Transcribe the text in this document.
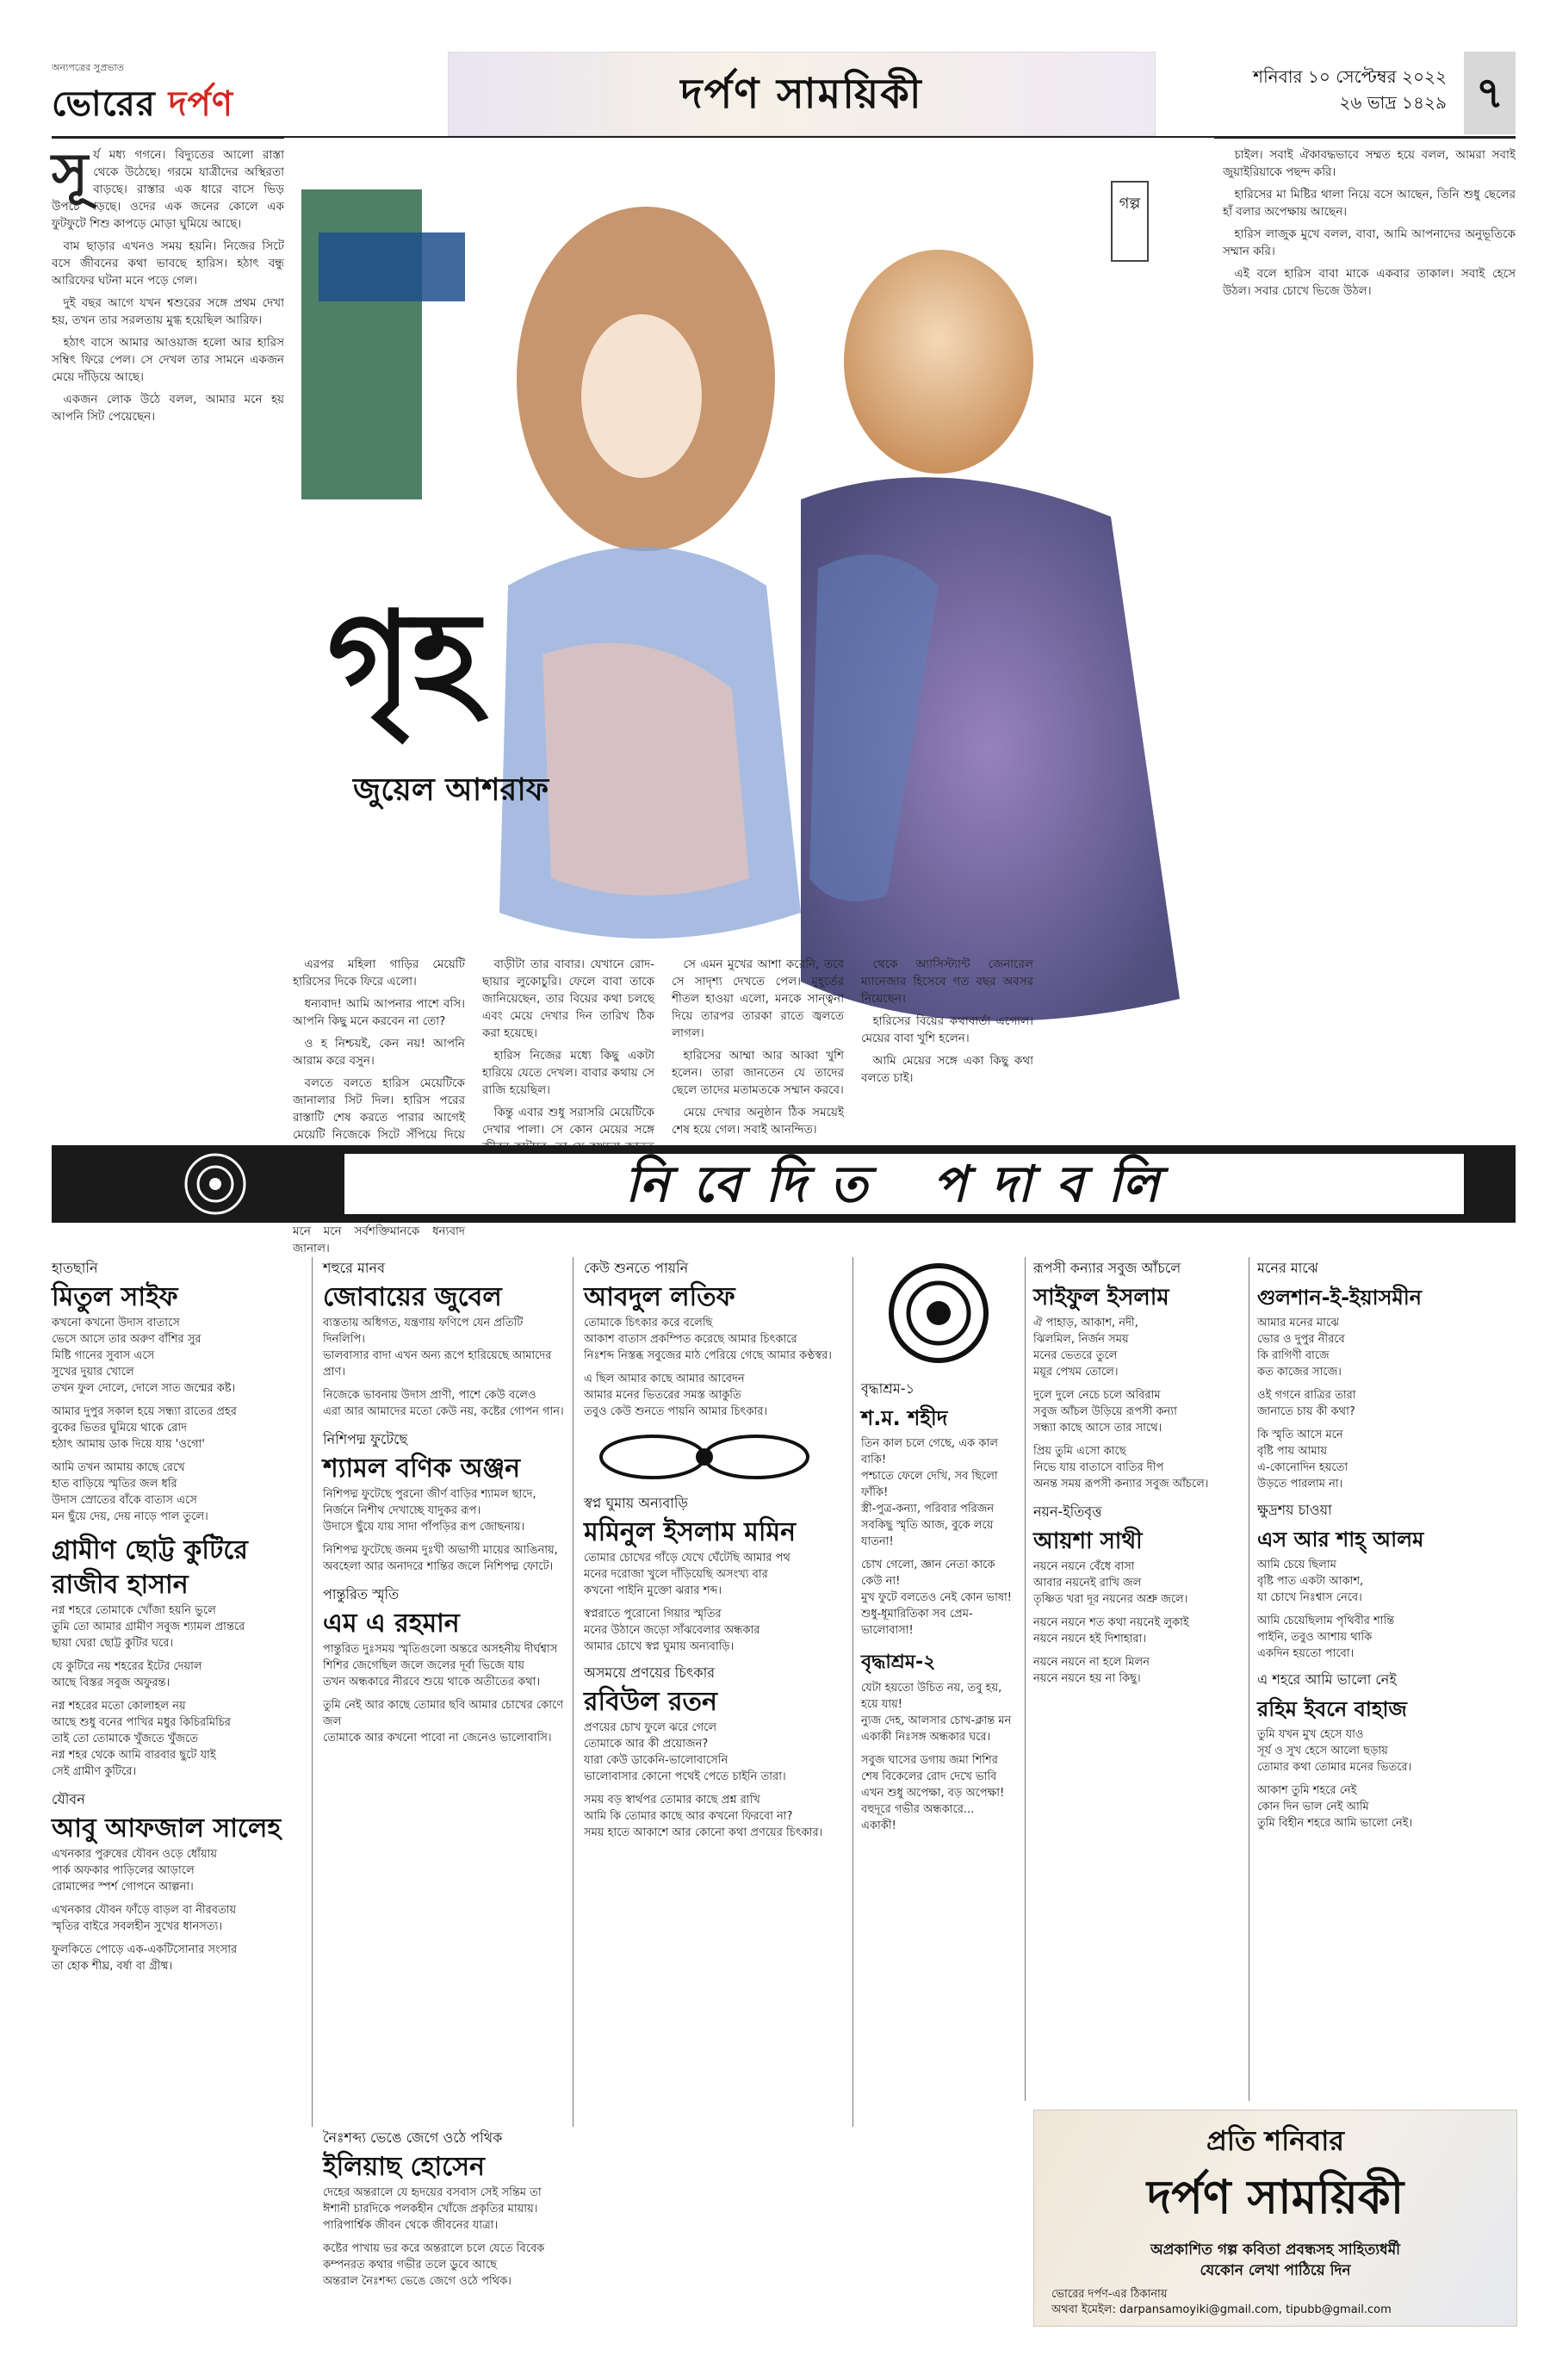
অন্যপত্রের সুপ্রভাত
ভোরের দর্পণ	দর্পণ সাময়িকী	শনিবার ১০ সেপ্টেম্বর ২০২২
২৬ ভাদ্র ১৪২৯ ৭
সূ র্য মধ্য গগনে। বিদ্যুতের আলো রাস্তা থেকে উঠেছে। গরমে যাত্রীদের অস্থিরতা বাড়ছে। রাস্তার এক ধারে বাসে ভিড় উপচে পড়ছে। ওদের এক জনের কোলে এক ফুটফুটে শিশু কাপড়ে মোড়া ঘুমিয়ে আছে।

বাম ছাড়ার এখনও সময় হয়নি। নিজের সিটে বসে জীবনের কথা ভাবছে হারিস। হঠাৎ বন্ধু আরিফের ঘটনা মনে পড়ে গেল।

দুই বছর আগে যখন শ্বশুরের সঙ্গে প্রথম দেখা হয়, তখন তার সরলতায় মুগ্ধ হয়েছিল আরিফ।

হঠাৎ বাসে আমার আওয়াজ হলো আর হারিস সম্বিৎ ফিরে পেল। সে দেখল তার সামনে একজন মেয়ে দাঁড়িয়ে আছে।

একজন লোক উঠে বলল, আমার মনে হয় আপনি সিট পেয়েছেন।

গৃহ
জুয়েল আশরাফ
গল্প

এরপর মহিলা গাড়ির মেয়েটি হারিসের দিকে ফিরে এলো।

ধন্যবাদ! আমি আপনার পাশে বসি। আপনি কিছু মনে করবেন না তো?

ও হ নিশ্চয়ই, কেন নয়! আপনি আরাম করে বসুন।

বলতে বলতে হারিস মেয়েটিকে জানালার সিট দিল। হারিস পরের রাস্তাটি শেষ করতে পারার আগেই মেয়েটি নিজেকে সিটে সঁপিয়ে দিয়ে

মনে মনে সর্বশক্তিমানকে ধন্যবাদ জানাল।

বাড়ীটা তার বাবার। যেখানে রোদ-ছায়ার লুকোচুরি। ফেলে বাবা তাকে জানিয়েছেন, তার বিয়ের কথা চলছে এবং মেয়ে দেখার দিন তারিখ ঠিক করা হয়েছে।

হারিস নিজের মধ্যে কিছু একটা হারিয়ে যেতে দেখল। বাবার কথায় সে রাজি হয়েছিল।

কিন্তু এবার শুধু সরাসরি মেয়েটিকে দেখার পালা। সে কোন মেয়ের সঙ্গে

সে এমন মুখের আশা করেনি, তবে সে সাদৃশ্য দেখতে পেল। মুহূর্তের শীতল হাওয়া এলো, মনকে সান্ত্বনা দিয়ে তারপর তারকা রাতে জ্বলতে লাগল।

হারিসের আম্মা আর আব্বা খুশি হলেন। তারা জানতেন যে তাদের ছেলে তাদের মতামতকে সম্মান করবে।

মেয়ে দেখার অনুষ্ঠান ঠিক সময়েই শেষ হয়ে গেল। সবাই আনন্দিত।

থেকে অ্যাসিস্ট্যান্ট জেনারেল ম্যানেজার হিসেবে গত বছর অবসর নিয়েছেন।

হারিসের বিয়ের কথাবার্তা এগোল। মেয়ের বাবা খুশি হলেন।

আমি মেয়ের সঙ্গে একা কিছু কথা বলতে চাই।

চাইল। সবাই ঐকাবদ্ধভাবে সম্মত হয়ে বলল, আমরা সবাই জুয়াইরিয়াকে পছন্দ করি।

হারিসের মা মিষ্টির থালা নিয়ে বসে আছেন, তিনি শুধু ছেলের হাঁ বলার অপেক্ষায় আছেন।

হারিস লাজুক মুখে বলল, বাবা, আমি আপনাদের অনুভূতিকে সম্মান করি।

এই বলে হারিস বাবা মাকে একবার তাকাল। সবাই হেসে উঠল। সবার চোখে ভিজে উঠল।

নিবেদিত পদাবলি
হাতছানি
মিতুল সাইফ

কখনো কখনো উদাস বাতাসে
ভেসে আসে তার অরুণ বাঁশির সুর
মিষ্টি গানের সুবাস এসে
সুখের দুয়ার খোলে
তখন ফুল দোলে, দোলে সাত জন্মের কষ্ট।

আমার দুপুর সকাল হয়ে সন্ধ্যা রাতের প্রহর
বুকের ভিতর ঘুমিয়ে থাকে রোদ
হঠাৎ আমায় ডাক দিয়ে যায় 'ওগো'

আমি তখন আমায় কাছে রেখে
হাত বাড়িয়ে স্মৃতির জল ধরি
উদাস স্রোতের বাঁকে বাতাস এসে
মন ছুঁয়ে দেয়, দেয় নাড়ে পাল তুলে।

গ্রামীণ ছোট্ট কুটিরে
রাজীব হাসান

নগ্ন শহরে তোমাকে খোঁজা হয়নি ভুলে
তুমি তো আমার গ্রামীণ সবুজ শ্যামল প্রান্তরে
ছায়া ঘেরা ছোট্ট কুটির ঘরে।

যে কুটিরে নয় শহরের ইটের দেয়াল
আছে বিস্তর সবুজ অফুরন্ত।

নগ্ন শহরের মতো কোলাহল নয়
আছে শুধু বনের পাখির মধুর কিচিরমিচির
তাই তো তোমাকে খুঁজতে খুঁজতে
নগ্ন শহর থেকে আমি বারবার ছুটে যাই
সেই গ্রামীণ কুটিরে।

যৌবন
আবু আফজাল সালেহ

এখনকার পুরুষের যৌবন ওড়ে ধোঁয়ায়
পার্ক অফকার পাড়িলের আড়ালে
রোমান্সের স্পর্শ গোপনে আল্পনা।

এখনকার যৌবন ফাঁড়ে বাড়ল বা নীরবতায়
স্মৃতির বাইরে সবলহীন সুখের ধানসত্য।

ফুলকিতে পোড়ে এক-একটিসোনার সংসার
তা হোক শীঘ্র, বর্ষা বা গ্রীষ্ম।

শহুরে মানব
জোবায়ের জুবেল

ব্যস্ততায় অধিগত, যন্ত্রণায় ফণিপে যেন প্রতিটি দিনলিপি।
ভালবাসার বাদা এখন অন্য রূপে হারিয়েছে আমাদের প্রাণ।

নিজেকে ভাবনায় উদাস প্রাণী, পাশে কেউ বলেও
এরা আর আমাদের মতো কেউ নয়, কষ্টের গোপন গান।

নিশিপদ্ম ফুটেছে
শ্যামল বণিক অঞ্জন

নিশিপদ্ম ফুটেছে পুরনো জীর্ণ বাড়ির শ্যামল ছাদে,
নির্জনে নিশীথ দেখাচ্ছে যাদুকর রূপ।
উদাসে ছুঁয়ে যায় সাদা পাঁপড়ির রূপ জোছনায়।

নিশিপদ্ম ফুটেছে জনম দুঃখী অভাগী মায়ের আঙিনায়,
অবহেলা আর অনাদরে শান্তির জলে নিশিপদ্ম ফোটে।

পান্তুরিত স্মৃতি
এম এ রহমান

পান্তুরিত দুঃসময় স্মৃতিগুলো অন্তরে অসহনীয় দীর্ঘশ্বাস
শিশির জেগেছিল জলে জলের দূর্বা ভিজে যায়
তখন অন্ধকারে নীরবে শুয়ে থাকে অতীতের কথা।

তুমি নেই আর কাছে তোমার ছবি আমার চোখের কোণে জল
তোমাকে আর কখনো পাবো না জেনেও ভালোবাসি।

কেউ শুনতে পায়নি
আবদুল লতিফ

তোমাকে চিৎকার করে বলেছি
আকাশ বাতাস প্রকম্পিত করেছে আমার চিৎকারে
নিঃশব্দ নিস্তব্ধ সবুজের মাঠ পেরিয়ে গেছে আমার কণ্ঠস্বর।

এ ছিল আমার কাছে আমার আবেদন
আমার মনের ভিতরের সমস্ত আকুতি
তবুও কেউ শুনতে পায়নি আমার চিৎকার।

স্বপ্ন ঘুমায় অন্যবাড়ি
মমিনুল ইসলাম মমিন

তোমার চোখের গাঁড়ে যেখে ঘেঁটেছি আমার পথ
মনের দরোজা খুলে দাঁড়িয়েছি অসংখ্য বার
কখনো পাইনি মুক্তো ঝরার শব্দ।

স্বপ্নরাতে পুরোনো গিয়ার স্মৃতির
মনের উঠানে জড়ো সাঁঝবেলার অন্ধকার
আমার চোখে স্বপ্ন ঘুমায় অন্যবাড়ি।

অসময়ে প্রণয়ের চিৎকার
রবিউল রতন

প্রণয়ের চোখ ফুলে ঝরে গেলে
তোমাকে আর কী প্রয়োজন?
যারা কেউ ডাকেনি-ভালোবাসেনি
ভালোবাসার কোনো পথেই পেতে চাইনি তারা।

সময় বড় স্বার্থপর তোমার কাছে প্রশ্ন রাখি
আমি কি তোমার কাছে আর কখনো ফিরবো না?
সময় হাতে আকাশে আর কোনো কথা প্রণয়ের চিৎকার।

বৃদ্ধাশ্রম-১
শ.ম. শহীদ

তিন কাল চলে গেছে, এক কাল বাকি!
পশ্চাতে ফেলে দেখি, সব ছিলো ফাঁকি!
স্ত্রী-পুত্র-কন্যা, পরিবার পরিজন
সবকিছু স্মৃতি আজ, বুকে লয়ে যাতনা!

চোখ গেলো, জ্ঞান নেতা কাকে কেউ না!
মুখ ফুটে বলতেও নেই কোন ভাষা!
শুধু-ধূমারিতিকা সব প্রেম-ভালোবাসা!

বৃদ্ধাশ্রম-২

যেটা হয়তো উচিত নয়, তবু হয়, হয়ে যায়!
ন্যুজ দেহ, আলসার চোখ-ক্লান্ত মন
একাকী নিঃসঙ্গ অন্ধকার ঘরে।

সবুজ ঘাসের ডগায় জমা শিশির
শেষ বিকেলের রোদ দেখে ভাবি
এখন শুধু অপেক্ষা, বড় অপেক্ষা!
বহুদূরে গভীর অন্ধকারে...
একাকী!

রূপসী কন্যার সবুজ আঁচলে
সাইফুল ইসলাম

ঐ পাহাড়, আকাশ, নদী,
ঝিলমিল, নির্জন সময়
মনের ভেতরে তুলে
ময়ূর পেখম তোলে।

দুলে দুলে নেচে চলে অবিরাম
সবুজ আঁচল উড়িয়ে রূপসী কন্যা
সন্ধ্যা কাছে আসে তার সাথে।

প্রিয় তুমি এসো কাছে
নিভে যায় বাতাসে বাতির দীপ
অনন্ত সময় রূপসী কন্যার সবুজ আঁচলে।

নয়ন-ইতিবৃত্ত
আয়শা সাথী

নয়নে নয়নে বেঁধে বাসা
আবার নয়নেই রাখি জল
তৃষ্ণিত খরা দূর নয়নের অশ্রু জলে।

নয়নে নয়নে শত কথা নয়নেই লুকাই
নয়নে নয়নে হই দিশাহারা।

নয়নে নয়নে না হলে মিলন
নয়নে নয়নে হয় না কিছু।

মনের মাঝে
গুলশান-ই-ইয়াসমীন

আমার মনের মাঝে
ভোর ও দুপুর নীরবে
কি রাগিণী বাজে
কত কাজের সাজে।

ওই গগনে রাত্রির তারা
জানাতে চায় কী কথা?

কি স্মৃতি আসে মনে
বৃষ্টি পায় আমায়
এ-কোনোদিন হয়তো
উড়তে পারলাম না।

ক্ষুদ্রশয় চাওয়া
এস আর শাহ্ আলম

আমি চেয়ে ছিলাম
বৃষ্টি পাত একটা আকাশ,
যা চোখে নিঃশ্বাস নেবে।

আমি চেয়েছিলাম পৃথিবীর শান্তি
পাইনি, তবুও আশায় থাকি
একদিন হয়তো পাবো।

এ শহরে আমি ভালো নেই
রহিম ইবনে বাহাজ

তুমি যখন মুখ হেসে যাও
সূর্য ও সুখ হেসে আলো ছড়ায়
তোমার কথা তোমার মনের ভিতরে।

আকাশ তুমি শহরে নেই
কোন দিন ভাল নেই আমি
তুমি বিহীন শহরে আমি ভালো নেই।

নৈঃশব্দ্য ভেঙে জেগে ওঠে পথিক
ইলিয়াছ হোসেন

দেহের অন্তরালে যে হৃদয়ের বসবাস সেই সন্তিম তা
ঈশানী চারদিকে পলকহীন খোঁজে প্রকৃতির মায়ায়।
পারিপার্শ্বিক জীবন থেকে জীবনের যাত্রা।

কষ্টের পাখায় ভর করে অন্তরালে চলে যেতে বিবেক
কম্পনরত কথার গভীর তলে ডুবে আছে
অন্তরাল নৈঃশব্দ্য ভেঙে জেগে ওঠে পথিক।

প্রতি শনিবার
দর্পণ সাময়িকী
অপ্রকাশিত গল্প কবিতা প্রবন্ধসহ সাহিত্যধর্মী
যেকোন লেখা পাঠিয়ে দিন
ভোরের দর্পণ-এর ঠিকানায়
অথবা ইমেইল: darpansamoyiki@gmail.com, tipubb@gmail.com
